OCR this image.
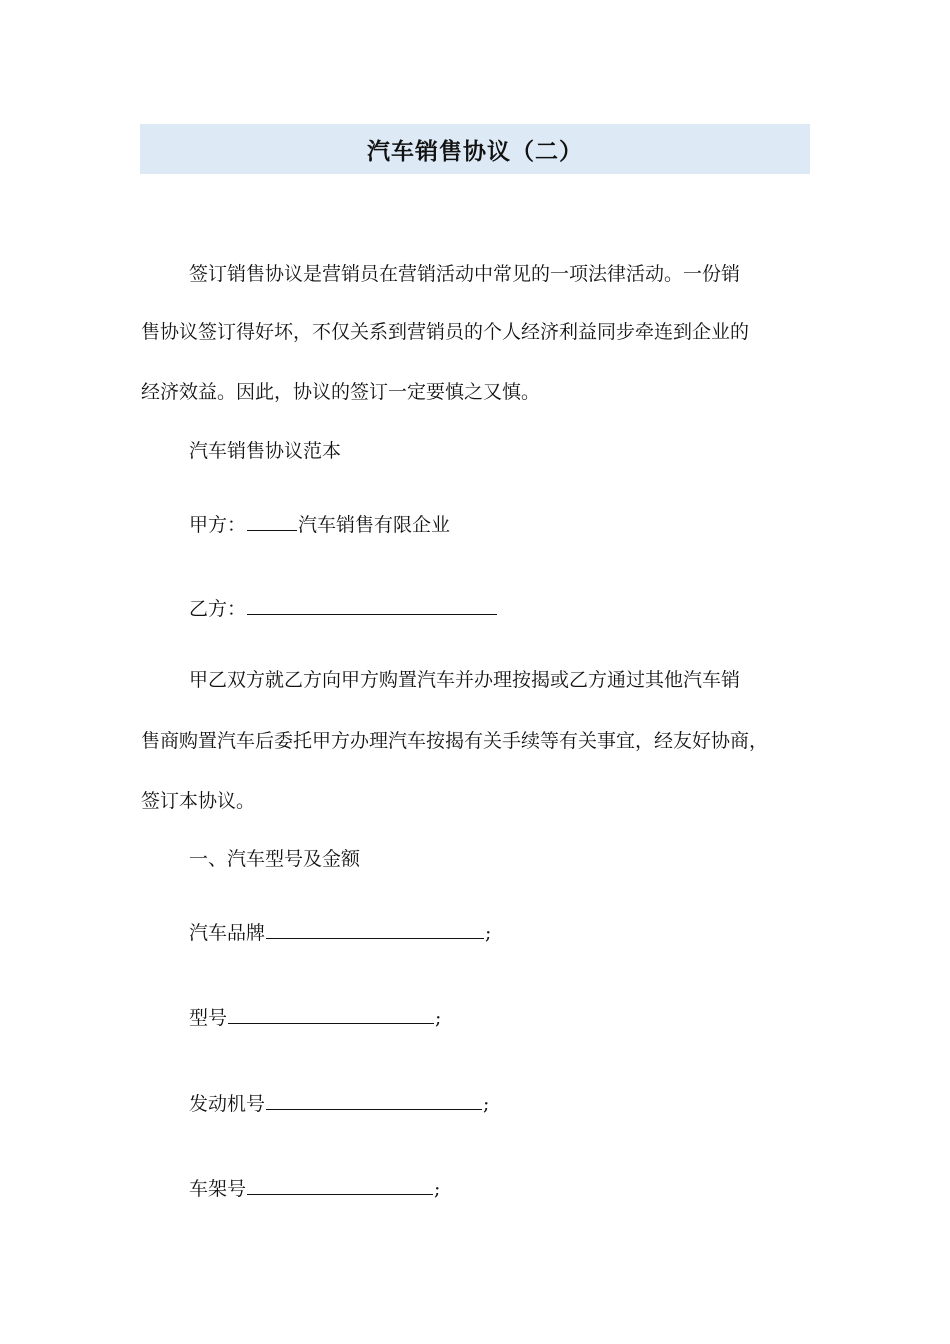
汽车销售协议（二）
签订销售协议是营销员在营销活动中常见的一项法律活动。一份销
售协议签订得好坏，不仅关系到营销员的个人经济利益同步牵连到企业的
经济效益。因此，协议的签订一定要慎之又慎。
汽车销售协议范本
甲方：	汽车销售有限企业
乙方：
甲乙双方就乙方向甲方购置汽车并办理按揭或乙方通过其他汽车销
售商购置汽车后委托甲方办理汽车按揭有关手续等有关事宜，经友好协商，
签订本协议。
一、汽车型号及金额
汽车品牌	;
型号	;
发动机号	;
车架号	;
